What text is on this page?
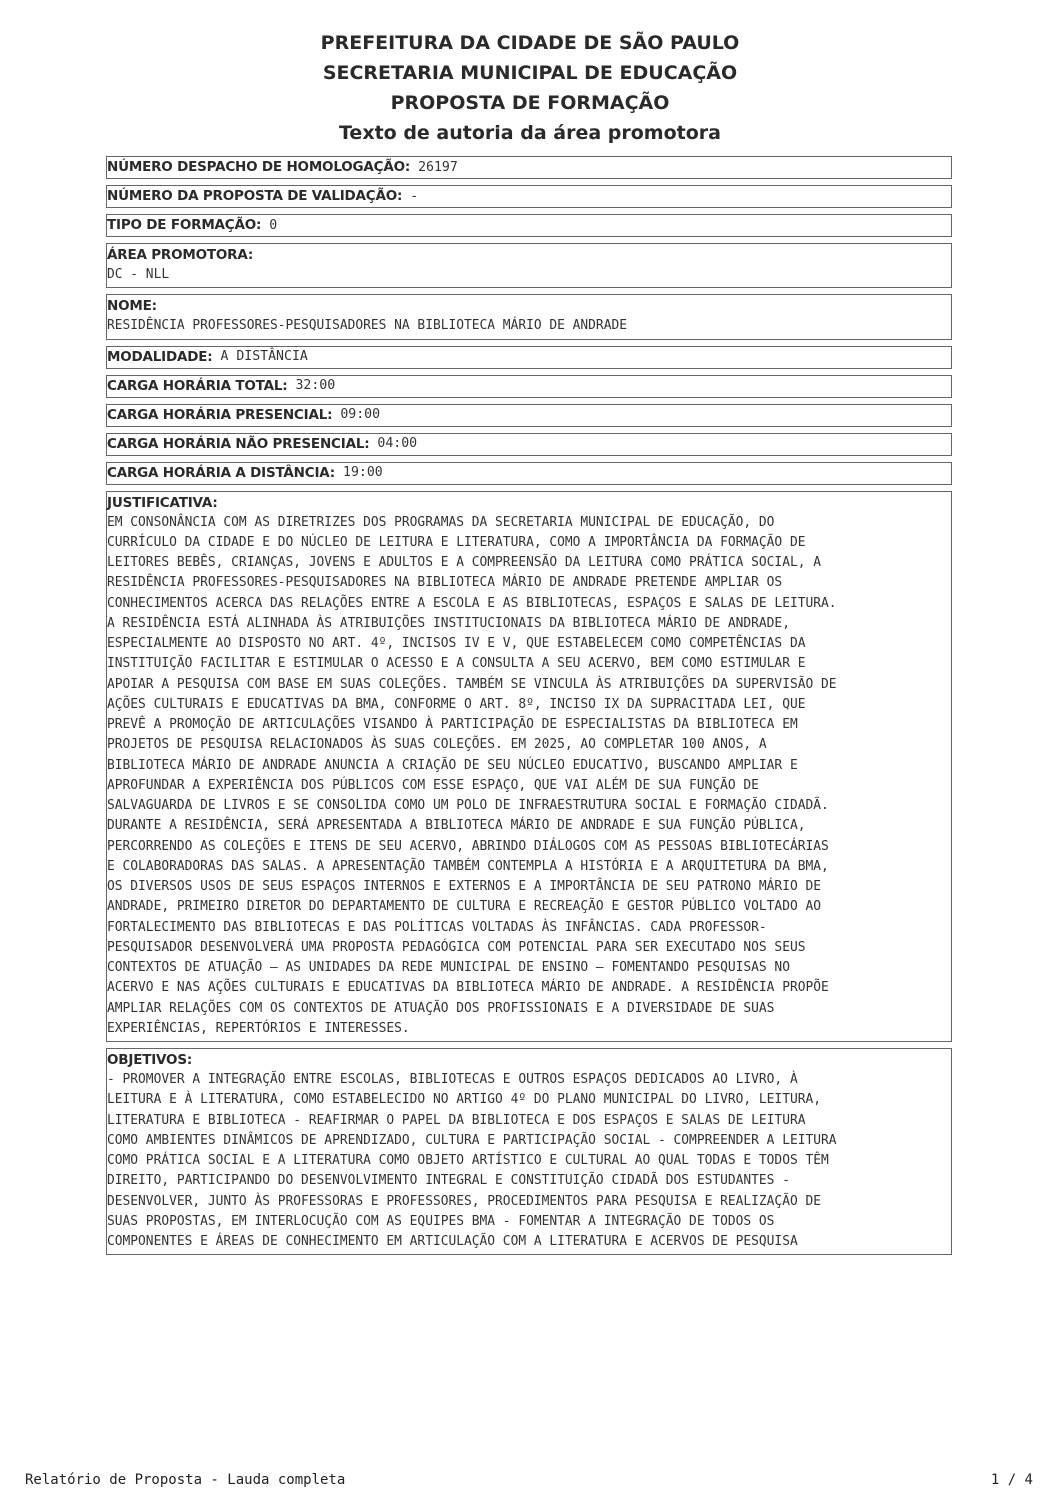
PREFEITURA DA CIDADE DE SÃO PAULO
SECRETARIA MUNICIPAL DE EDUCAÇÃO
PROPOSTA DE FORMAÇÃO
Texto de autoria da área promotora
NÚMERO DESPACHO DE HOMOLOGAÇÃO: 26197
NÚMERO DA PROPOSTA DE VALIDAÇÃO: -
TIPO DE FORMAÇÃO: 0
ÁREA PROMOTORA:
DC - NLL
NOME:
RESIDÊNCIA PROFESSORES-PESQUISADORES NA BIBLIOTECA MÁRIO DE ANDRADE
MODALIDADE: A DISTÂNCIA
CARGA HORÁRIA TOTAL: 32:00
CARGA HORÁRIA PRESENCIAL: 09:00
CARGA HORÁRIA NÃO PRESENCIAL: 04:00
CARGA HORÁRIA A DISTÂNCIA: 19:00
JUSTIFICATIVA:
EM CONSONÂNCIA COM AS DIRETRIZES DOS PROGRAMAS DA SECRETARIA MUNICIPAL DE EDUCAÇÃO, DO
CURRÍCULO DA CIDADE E DO NÚCLEO DE LEITURA E LITERATURA, COMO A IMPORTÂNCIA DA FORMAÇÃO DE
LEITORES BEBÊS, CRIANÇAS, JOVENS E ADULTOS E A COMPREENSÃO DA LEITURA COMO PRÁTICA SOCIAL, A
RESIDÊNCIA PROFESSORES-PESQUISADORES NA BIBLIOTECA MÁRIO DE ANDRADE PRETENDE AMPLIAR OS
CONHECIMENTOS ACERCA DAS RELAÇÕES ENTRE A ESCOLA E AS BIBLIOTECAS, ESPAÇOS E SALAS DE LEITURA.
A RESIDÊNCIA ESTÁ ALINHADA ÀS ATRIBUIÇÕES INSTITUCIONAIS DA BIBLIOTECA MÁRIO DE ANDRADE,
ESPECIALMENTE AO DISPOSTO NO ART. 4º, INCISOS IV E V, QUE ESTABELECEM COMO COMPETÊNCIAS DA
INSTITUIÇÃO FACILITAR E ESTIMULAR O ACESSO E A CONSULTA A SEU ACERVO, BEM COMO ESTIMULAR E
APOIAR A PESQUISA COM BASE EM SUAS COLEÇÕES. TAMBÉM SE VINCULA ÀS ATRIBUIÇÕES DA SUPERVISÃO DE
AÇÕES CULTURAIS E EDUCATIVAS DA BMA, CONFORME O ART. 8º, INCISO IX DA SUPRACITADA LEI, QUE
PREVÊ A PROMOÇÃO DE ARTICULAÇÕES VISANDO À PARTICIPAÇÃO DE ESPECIALISTAS DA BIBLIOTECA EM
PROJETOS DE PESQUISA RELACIONADOS ÀS SUAS COLEÇÕES. EM 2025, AO COMPLETAR 100 ANOS, A
BIBLIOTECA MÁRIO DE ANDRADE ANUNCIA A CRIAÇÃO DE SEU NÚCLEO EDUCATIVO, BUSCANDO AMPLIAR E
APROFUNDAR A EXPERIÊNCIA DOS PÚBLICOS COM ESSE ESPAÇO, QUE VAI ALÉM DE SUA FUNÇÃO DE
SALVAGUARDA DE LIVROS E SE CONSOLIDA COMO UM POLO DE INFRAESTRUTURA SOCIAL E FORMAÇÃO CIDADÃ.
DURANTE A RESIDÊNCIA, SERÁ APRESENTADA A BIBLIOTECA MÁRIO DE ANDRADE E SUA FUNÇÃO PÚBLICA,
PERCORRENDO AS COLEÇÕES E ITENS DE SEU ACERVO, ABRINDO DIÁLOGOS COM AS PESSOAS BIBLIOTECÁRIAS
E COLABORADORAS DAS SALAS. A APRESENTAÇÃO TAMBÉM CONTEMPLA A HISTÓRIA E A ARQUITETURA DA BMA,
OS DIVERSOS USOS DE SEUS ESPAÇOS INTERNOS E EXTERNOS E A IMPORTÂNCIA DE SEU PATRONO MÁRIO DE
ANDRADE, PRIMEIRO DIRETOR DO DEPARTAMENTO DE CULTURA E RECREAÇÃO E GESTOR PÚBLICO VOLTADO AO
FORTALECIMENTO DAS BIBLIOTECAS E DAS POLÍTICAS VOLTADAS ÀS INFÂNCIAS. CADA PROFESSOR-
PESQUISADOR DESENVOLVERÁ UMA PROPOSTA PEDAGÓGICA COM POTENCIAL PARA SER EXECUTADO NOS SEUS
CONTEXTOS DE ATUAÇÃO — AS UNIDADES DA REDE MUNICIPAL DE ENSINO — FOMENTANDO PESQUISAS NO
ACERVO E NAS AÇÕES CULTURAIS E EDUCATIVAS DA BIBLIOTECA MÁRIO DE ANDRADE. A RESIDÊNCIA PROPÕE
AMPLIAR RELAÇÕES COM OS CONTEXTOS DE ATUAÇÃO DOS PROFISSIONAIS E A DIVERSIDADE DE SUAS
EXPERIÊNCIAS, REPERTÓRIOS E INTERESSES.
OBJETIVOS:
- PROMOVER A INTEGRAÇÃO ENTRE ESCOLAS, BIBLIOTECAS E OUTROS ESPAÇOS DEDICADOS AO LIVRO, À
LEITURA E À LITERATURA, COMO ESTABELECIDO NO ARTIGO 4º DO PLANO MUNICIPAL DO LIVRO, LEITURA,
LITERATURA E BIBLIOTECA - REAFIRMAR O PAPEL DA BIBLIOTECA E DOS ESPAÇOS E SALAS DE LEITURA
COMO AMBIENTES DINÂMICOS DE APRENDIZADO, CULTURA E PARTICIPAÇÃO SOCIAL - COMPREENDER A LEITURA
COMO PRÁTICA SOCIAL E A LITERATURA COMO OBJETO ARTÍSTICO E CULTURAL AO QUAL TODAS E TODOS TÊM
DIREITO, PARTICIPANDO DO DESENVOLVIMENTO INTEGRAL E CONSTITUIÇÃO CIDADÃ DOS ESTUDANTES -
DESENVOLVER, JUNTO ÀS PROFESSORAS E PROFESSORES, PROCEDIMENTOS PARA PESQUISA E REALIZAÇÃO DE
SUAS PROPOSTAS, EM INTERLOCUÇÃO COM AS EQUIPES BMA - FOMENTAR A INTEGRAÇÃO DE TODOS OS
COMPONENTES E ÁREAS DE CONHECIMENTO EM ARTICULAÇÃO COM A LITERATURA E ACERVOS DE PESQUISA
Relatório de Proposta - Lauda completa	1 / 4
